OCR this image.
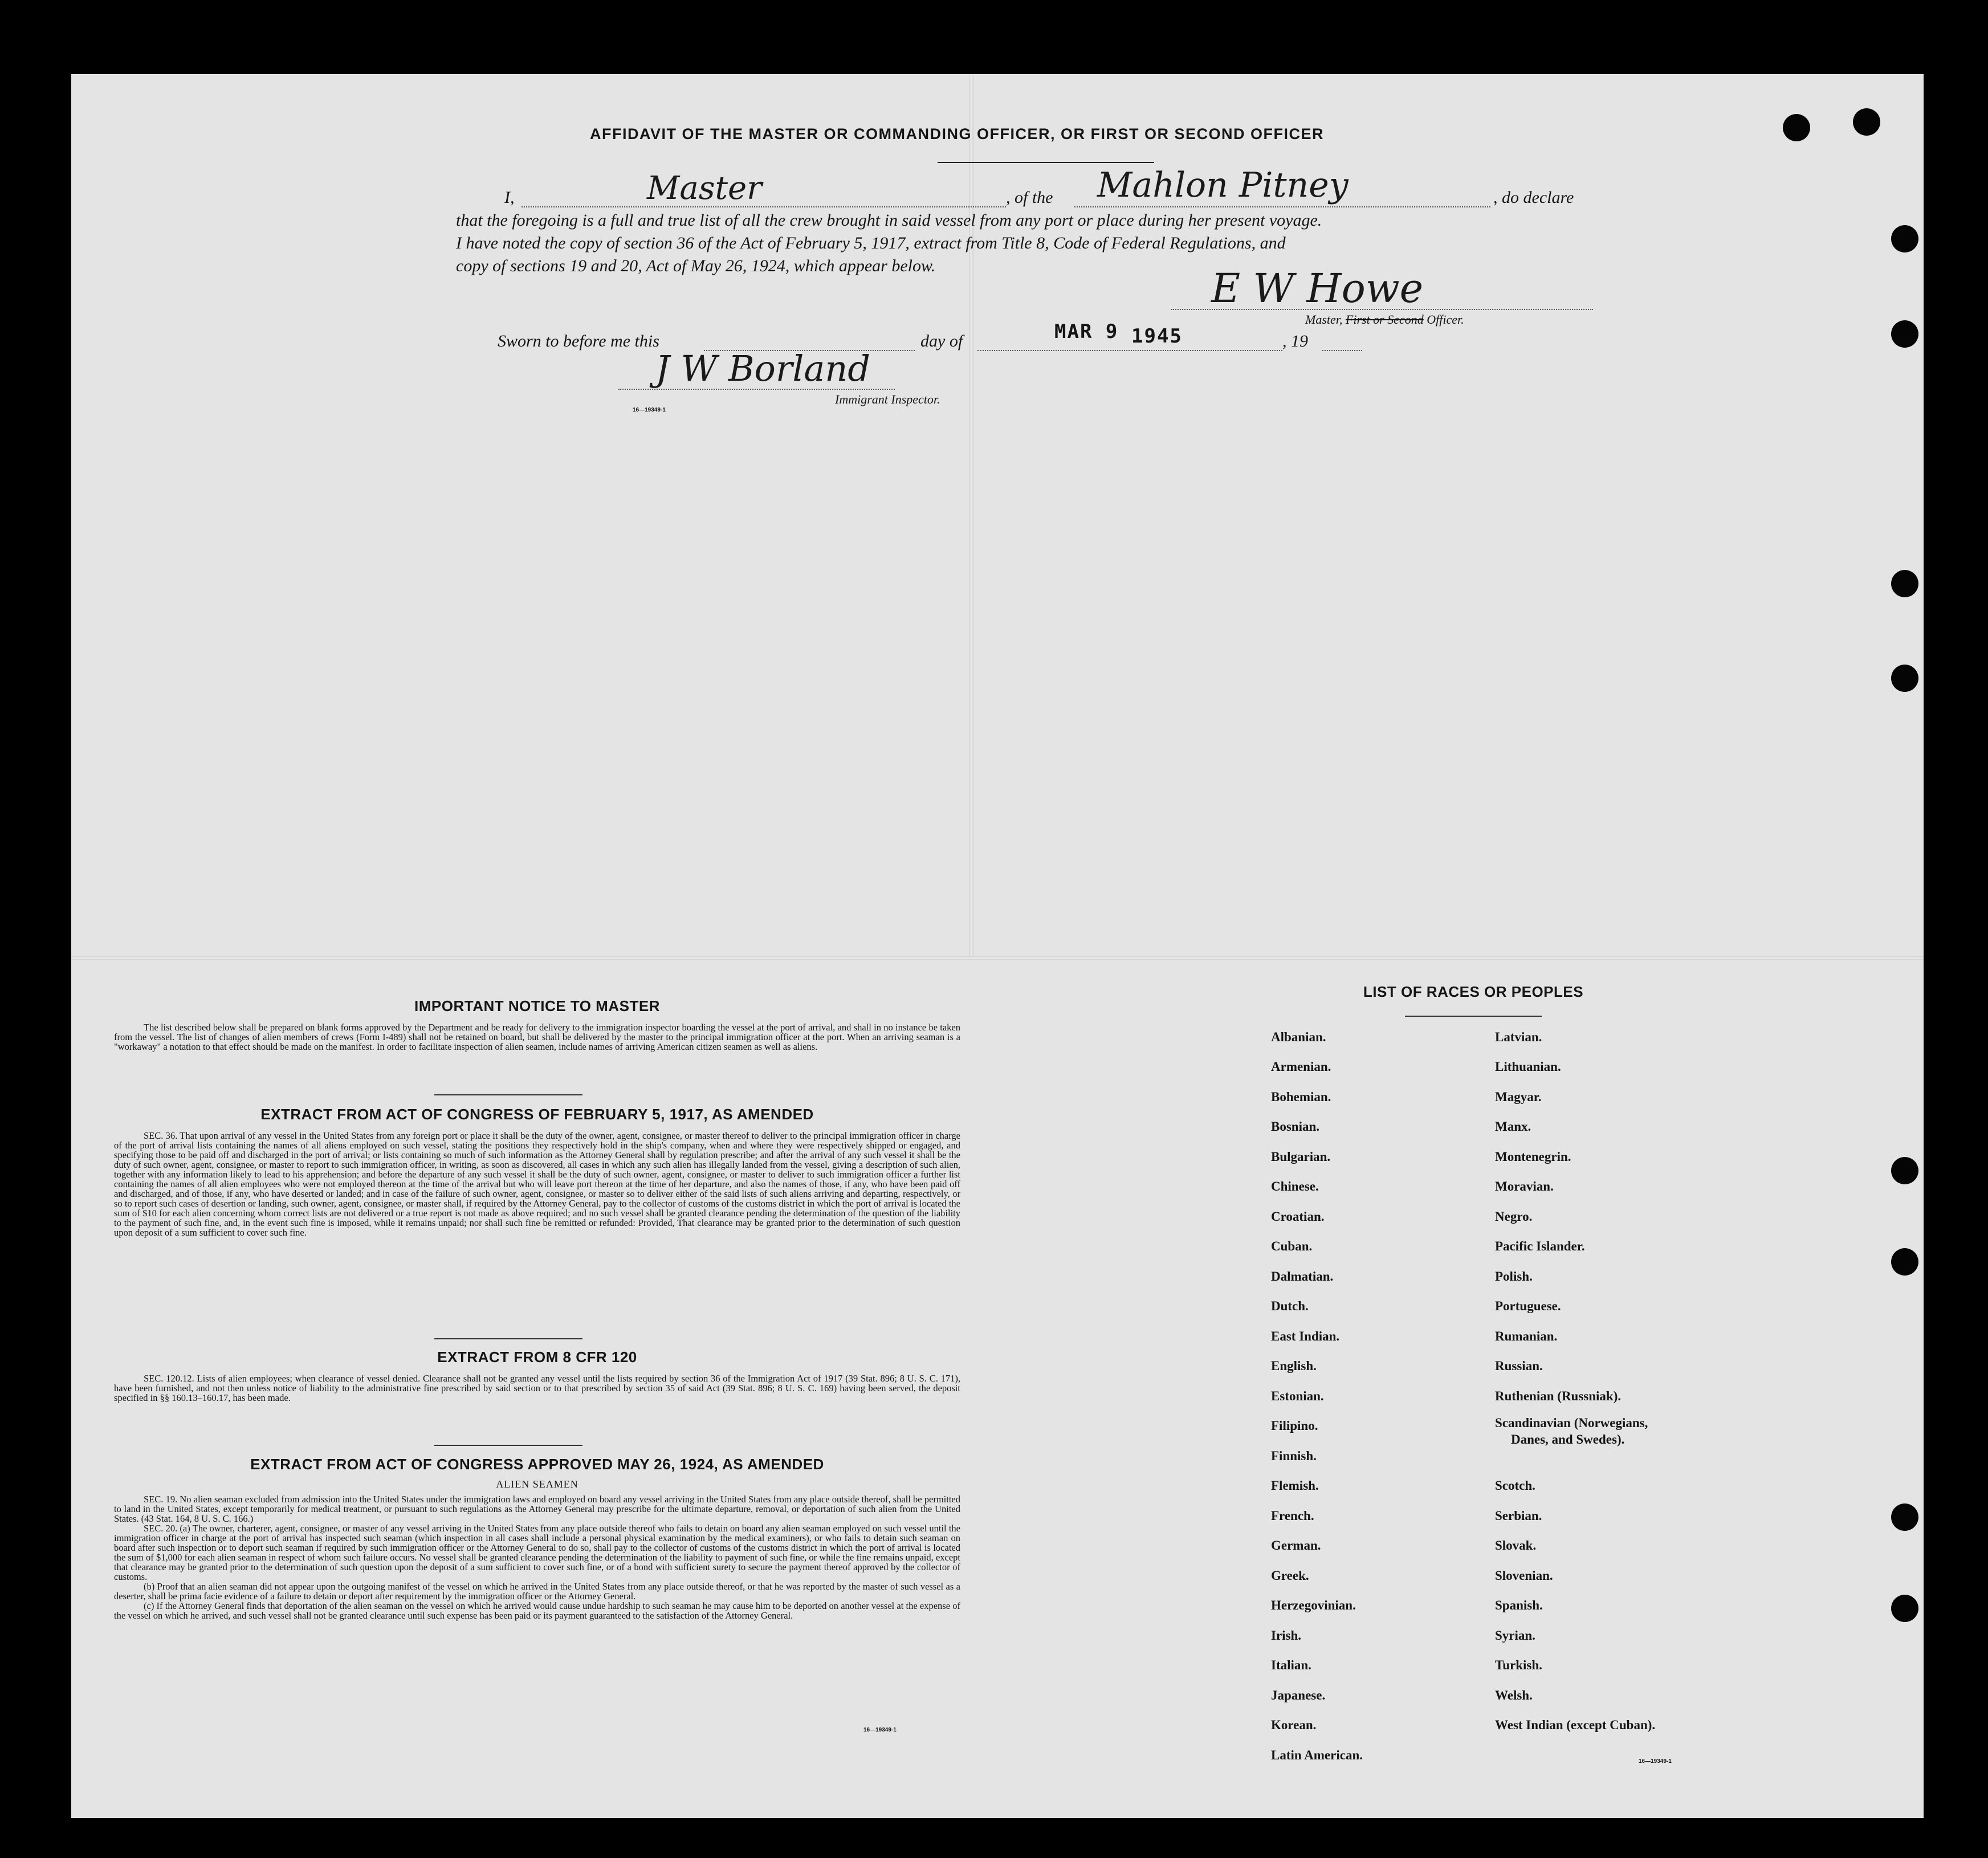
AFFIDAVIT OF THE MASTER OR COMMANDING OFFICER, OR FIRST OR SECOND OFFICER
I,	Master	, of the Mahlon Pitney	, do declare
that the foregoing is a full and true list of all the crew brought in said vessel from any port or place during her present voyage.
I have noted the copy of section 36 of the Act of February 5, 1917, extract from Title 8, Code of Federal Regulations, and
copy of sections 19 and 20, Act of May 26, 1924, which appear below.	E W Howe
Master, First or Second Officer.
Sworn to before me this	day of	MAR 9 1945	, 19
J W Borland
Immigrant Inspector.
16—19349-1
IMPORTANT NOTICE TO MASTER
The list described below shall be prepared on blank forms approved by the Department and be ready for delivery to the immigration inspector boarding the vessel at the port of arrival, and shall in no instance be taken from the vessel. The list of changes of alien members of crews (Form I-489) shall not be retained on board, but shall be delivered by the master to the principal immigration officer at the port. When an arriving seaman is a "workaway" a notation to that effect should be made on the manifest. In order to facilitate inspection of alien seamen, include names of arriving American citizen seamen as well as aliens.
EXTRACT FROM ACT OF CONGRESS OF FEBRUARY 5, 1917, AS AMENDED
SEC. 36. That upon arrival of any vessel in the United States from any foreign port or place it shall be the duty of the owner, agent, consignee, or master thereof to deliver to the principal immigration officer in charge of the port of arrival lists containing the names of all aliens employed on such vessel, stating the positions they respectively hold in the ship's company, when and where they were respectively shipped or engaged, and specifying those to be paid off and discharged in the port of arrival; or lists containing so much of such information as the Attorney General shall by regulation prescribe; and after the arrival of any such vessel it shall be the duty of such owner, agent, consignee, or master to report to such immigration officer, in writing, as soon as discovered, all cases in which any such alien has illegally landed from the vessel, giving a description of such alien, together with any information likely to lead to his apprehension; and before the departure of any such vessel it shall be the duty of such owner, agent, consignee, or master to deliver to such immigration officer a further list containing the names of all alien employees who were not employed thereon at the time of the arrival but who will leave port thereon at the time of her departure, and also the names of those, if any, who have been paid off and discharged, and of those, if any, who have deserted or landed; and in case of the failure of such owner, agent, consignee, or master so to deliver either of the said lists of such aliens arriving and departing, respectively, or so to report such cases of desertion or landing, such owner, agent, consignee, or master shall, if required by the Attorney General, pay to the collector of customs of the customs district in which the port of arrival is located the sum of $10 for each alien concerning whom correct lists are not delivered or a true report is not made as above required; and no such vessel shall be granted clearance pending the determination of the question of the liability to the payment of such fine, and, in the event such fine is imposed, while it remains unpaid; nor shall such fine be remitted or refunded: Provided, That clearance may be granted prior to the determination of such question upon deposit of a sum sufficient to cover such fine.
EXTRACT FROM 8 CFR 120
SEC. 120.12. Lists of alien employees; when clearance of vessel denied. Clearance shall not be granted any vessel until the lists required by section 36 of the Immigration Act of 1917 (39 Stat. 896; 8 U. S. C. 171), have been furnished, and not then unless notice of liability to the administrative fine prescribed by said section or to that prescribed by section 35 of said Act (39 Stat. 896; 8 U. S. C. 169) having been served, the deposit specified in §§ 160.13–160.17, has been made.
EXTRACT FROM ACT OF CONGRESS APPROVED MAY 26, 1924, AS AMENDED
ALIEN SEAMEN
SEC. 19. No alien seaman excluded from admission into the United States under the immigration laws and employed on board any vessel arriving in the United States from any place outside thereof, shall be permitted to land in the United States, except temporarily for medical treatment, or pursuant to such regulations as the Attorney General may prescribe for the ultimate departure, removal, or deportation of such alien from the United States. (43 Stat. 164, 8 U. S. C. 166.)
SEC. 20. (a) The owner, charterer, agent, consignee, or master of any vessel arriving in the United States from any place outside thereof who fails to detain on board any alien seaman employed on such vessel until the immigration officer in charge at the port of arrival has inspected such seaman (which inspection in all cases shall include a personal physical examination by the medical examiners), or who fails to detain such seaman on board after such inspection or to deport such seaman if required by such immigration officer or the Attorney General to do so, shall pay to the collector of customs of the customs district in which the port of arrival is located the sum of $1,000 for each alien seaman in respect of whom such failure occurs. No vessel shall be granted clearance pending the determination of the liability to payment of such fine, or while the fine remains unpaid, except that clearance may be granted prior to the determination of such question upon the deposit of a sum sufficient to cover such fine, or of a bond with sufficient surety to secure the payment thereof approved by the collector of customs.
(b) Proof that an alien seaman did not appear upon the outgoing manifest of the vessel on which he arrived in the United States from any place outside thereof, or that he was reported by the master of such vessel as a deserter, shall be prima facie evidence of a failure to detain or deport after requirement by the immigration officer or the Attorney General.
(c) If the Attorney General finds that deportation of the alien seaman on the vessel on which he arrived would cause undue hardship to such seaman he may cause him to be deported on another vessel at the expense of the vessel on which he arrived, and such vessel shall not be granted clearance until such expense has been paid or its payment guaranteed to the satisfaction of the Attorney General.
16—19349-1
LIST OF RACES OR PEOPLES
Albanian.
Armenian.
Bohemian.
Bosnian.
Bulgarian.
Chinese.
Croatian.
Cuban.
Dalmatian.
Dutch.
East Indian.
English.
Estonian.
Filipino.
Finnish.
Flemish.
French.
German.
Greek.
Herzegovinian.
Irish.
Italian.
Japanese.
Korean.
Latin American.
Latvian.
Lithuanian.
Magyar.
Manx.
Montenegrin.
Moravian.
Negro.
Pacific Islander.
Polish.
Portuguese.
Rumanian.
Russian.
Ruthenian (Russniak).
Scandinavian (Norwegians,
Danes, and Swedes).
Scotch.
Serbian.
Slovak.
Slovenian.
Spanish.
Syrian.
Turkish.
Welsh.
West Indian (except Cuban).
16—19349-1
